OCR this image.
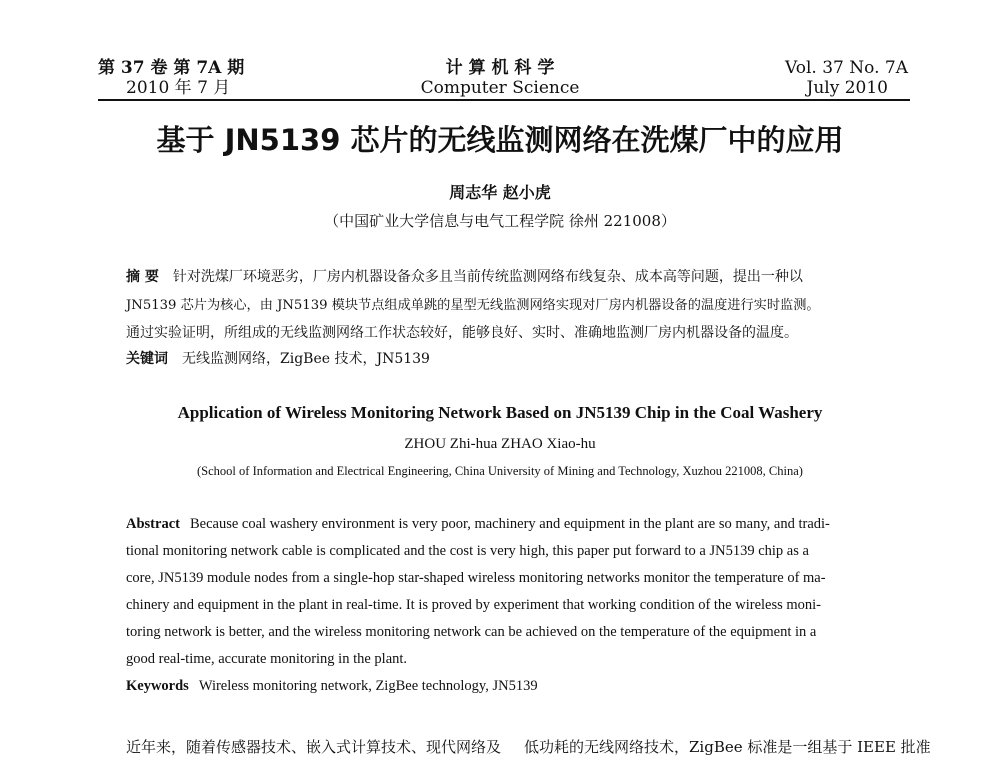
第 37 卷 第 7A 期
2010 年 7 月
计 算 机 科 学
Computer Science
Vol. 37 No. 7A
July 2010
基于 JN5139 芯片的无线监测网络在洗煤厂中的应用
周志华 赵小虎
（中国矿业大学信息与电气工程学院 徐州 221008）
摘 要 针对洗煤厂环境恶劣，厂房内机器设备众多且当前传统监测网络布线复杂、成本高等问题，提出一种以
JN5139 芯片为核心，由 JN5139 模块节点组成单跳的星型无线监测网络实现对厂房内机器设备的温度进行实时监测。
通过实验证明，所组成的无线监测网络工作状态较好，能够良好、实时、准确地监测厂房内机器设备的温度。
关键词 无线监测网络，ZigBee 技术，JN5139
Application of Wireless Monitoring Network Based on JN5139 Chip in the Coal Washery
ZHOU Zhi-hua ZHAO Xiao-hu
(School of Information and Electrical Engineering, China University of Mining and Technology, Xuzhou 221008, China)
Abstract Because coal washery environment is very poor, machinery and equipment in the plant are so many, and tradi-
tional monitoring network cable is complicated and the cost is very high, this paper put forward to a JN5139 chip as a
core, JN5139 module nodes from a single-hop star-shaped wireless monitoring networks monitor the temperature of ma-
chinery and equipment in the plant in real-time. It is proved by experiment that working condition of the wireless moni-
toring network is better, and the wireless monitoring network can be achieved on the temperature of the equipment in a
good real-time, accurate monitoring in the plant.
Keywords Wireless monitoring network, ZigBee technology, JN5139
近年来，随着传感器技术、嵌入式计算技术、现代网络及 低功耗的无线网络技术，ZigBee 标准是一组基于 IEEE 批准
